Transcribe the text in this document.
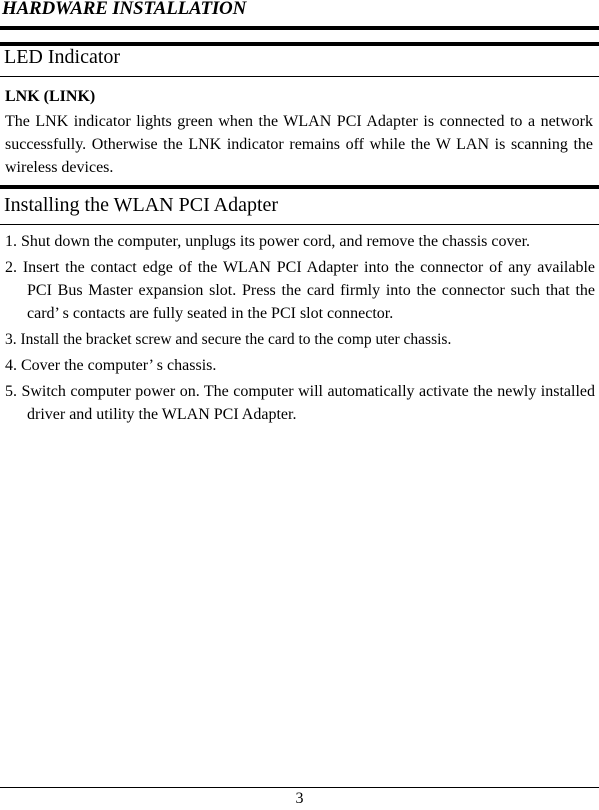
HARDWARE INSTALLATION
LED Indicator
LNK (LINK)
The LNK indicator lights green when the WLAN PCI Adapter is connected to a network successfully. Otherwise the LNK indicator remains off while the W LAN is scanning the wireless devices.
Installing the WLAN PCI Adapter
1. Shut down the computer, unplugs its power cord, and remove the chassis cover.
2. Insert the contact edge of the WLAN PCI Adapter into the connector of any available PCI Bus Master expansion slot. Press the card firmly into the connector such that the card’ s contacts are fully seated in the PCI slot connector.
3. Install the bracket screw and secure the card to the comp uter chassis.
4. Cover the computer’ s chassis.
5. Switch computer power on. The computer will automatically activate the newly installed driver and utility the WLAN PCI Adapter.
3
